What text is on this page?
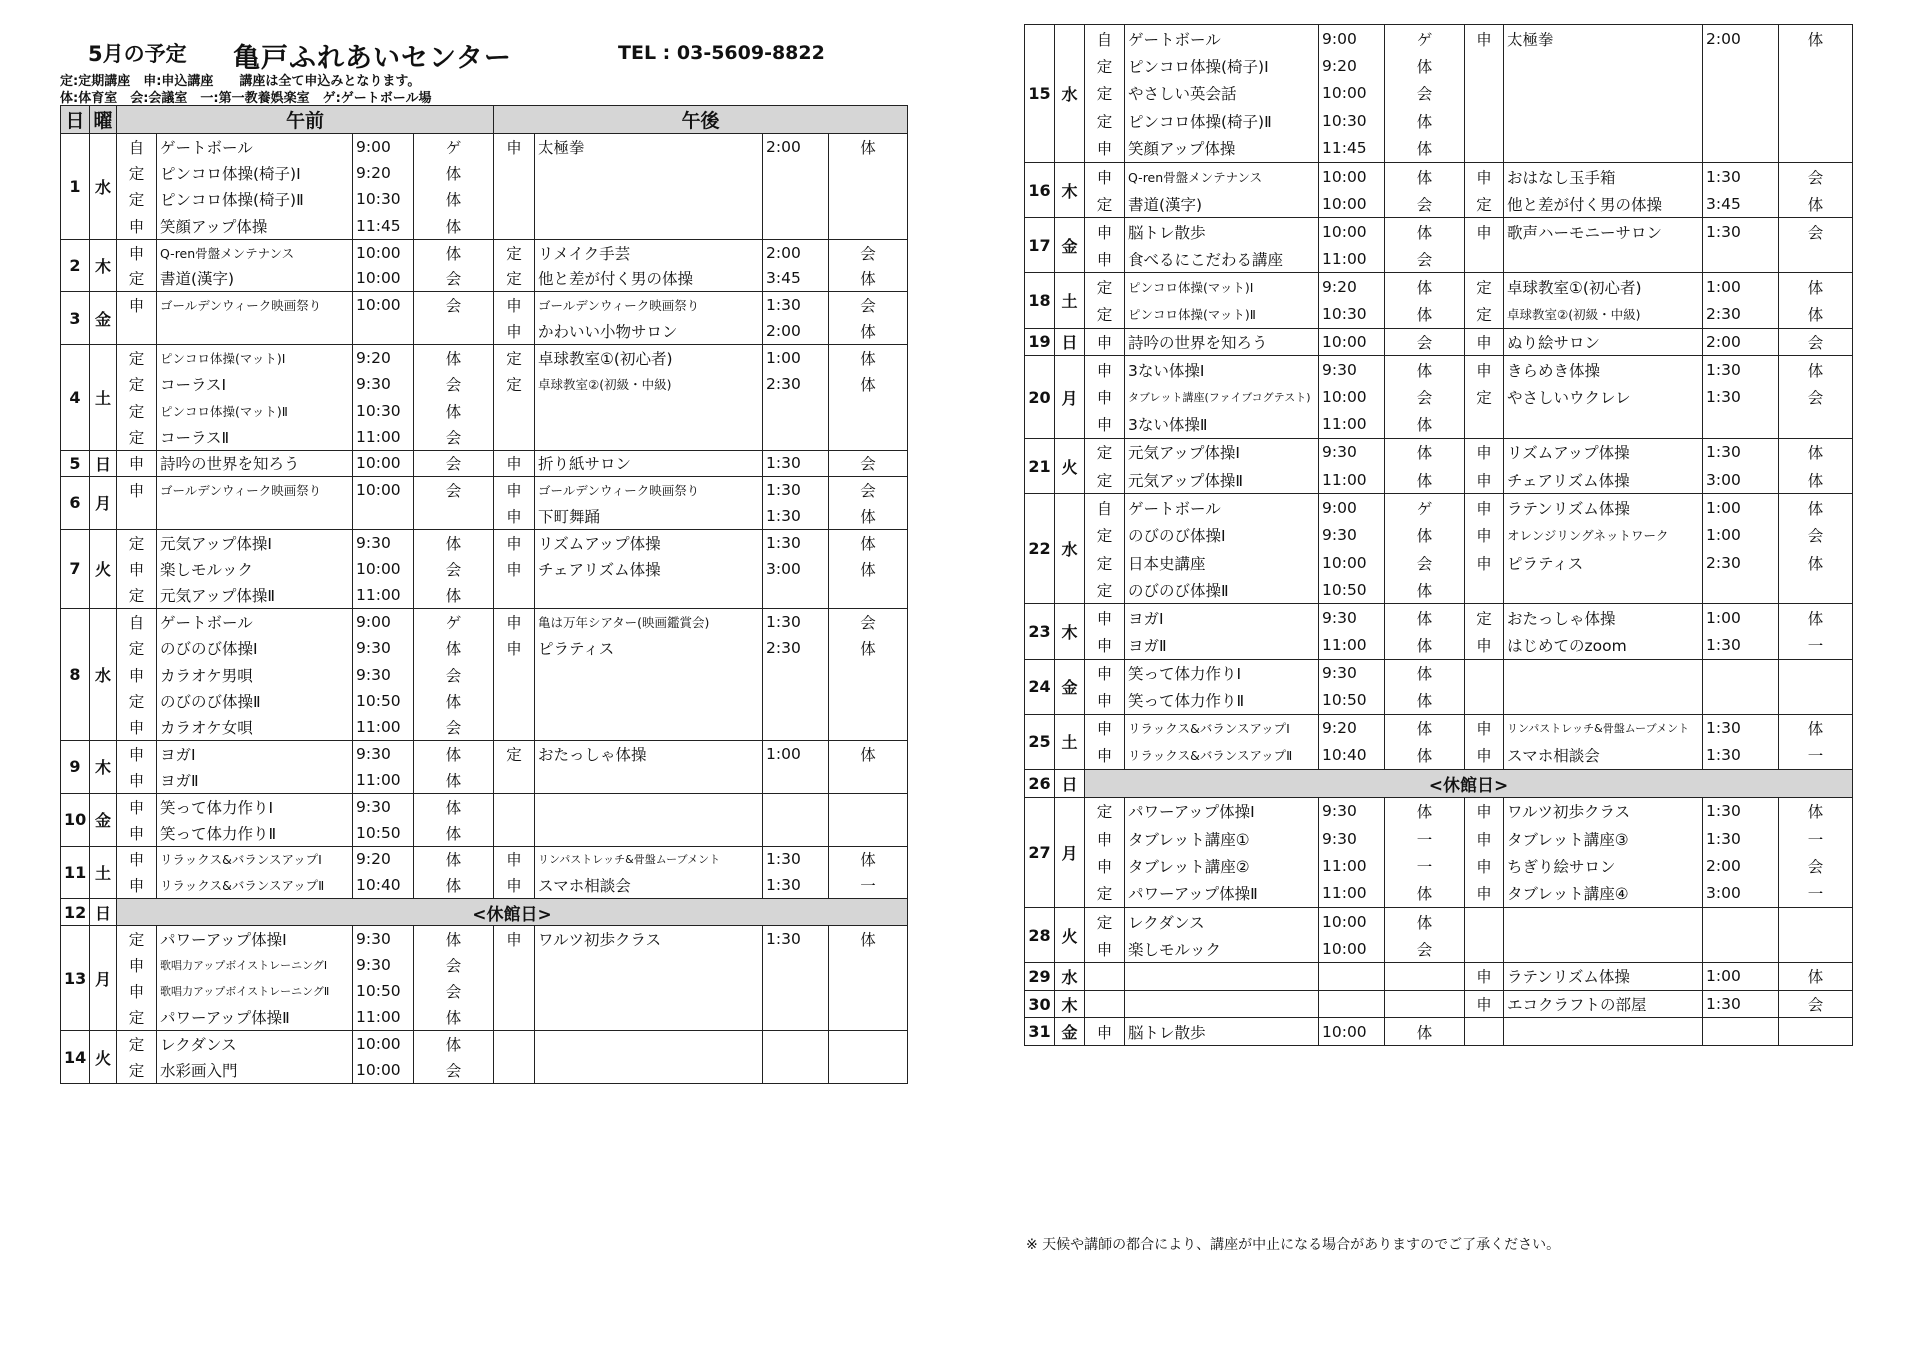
5月の予定 亀戸ふれあいセンター	TEL : 03-5609-8822
定:定期講座　申:申込講座　　講座は全て申込みとなります。
体:体育室　会:会議室　一:第一教養娯楽室　ゲ:ゲートボール場
日	曜	午前				午後			
1	水	自	ゲートボール	9:00	ゲ	申	太極拳	2:00	体
		定	ピンコロ体操(椅子)Ⅰ	9:20	体				
		定	ピンコロ体操(椅子)Ⅱ	10:30	体				
		申	笑顔アップ体操	11:45	体				
2	木	申	Q-ren骨盤メンテナンス	10:00	体	定	リメイク手芸	2:00	会
		定	書道(漢字)	10:00	会	定	他と差が付く男の体操	3:45	体
3	金	申	ゴールデンウィーク映画祭り	10:00	会	申	ゴールデンウィーク映画祭り	1:30	会
						申	かわいい小物サロン	2:00	体
4	土	定	ピンコロ体操(マット)Ⅰ	9:20	体	定	卓球教室①(初心者)	1:00	体
		定	コーラスⅠ	9:30	会	定	卓球教室②(初級・中級)	2:30	体
		定	ピンコロ体操(マット)Ⅱ	10:30	体				
		定	コーラスⅡ	11:00	会				
5	日	申	詩吟の世界を知ろう	10:00	会	申	折り紙サロン	1:30	会
6	月	申	ゴールデンウィーク映画祭り	10:00	会	申	ゴールデンウィーク映画祭り	1:30	会
						申	下町舞踊	1:30	体
7	火	定	元気アップ体操Ⅰ	9:30	体	申	リズムアップ体操	1:30	体
		申	楽しモルック	10:00	会	申	チェアリズム体操	3:00	体
		定	元気アップ体操Ⅱ	11:00	体				
8	水	自	ゲートボール	9:00	ゲ	申	亀は万年シアター(映画鑑賞会)	1:30	会
		定	のびのび体操Ⅰ	9:30	体	申	ピラティス	2:30	体
		申	カラオケ男唄	9:30	会				
		定	のびのび体操Ⅱ	10:50	体				
		申	カラオケ女唄	11:00	会				
9	木	申	ヨガⅠ	9:30	体	定	おたっしゃ体操	1:00	体
		申	ヨガⅡ	11:00	体				
10	金	申	笑って体力作りⅠ	9:30	体				
		申	笑って体力作りⅡ	10:50	体				
11	土	申	リラックス&バランスアップⅠ	9:20	体	申	リンパストレッチ&骨盤ムーブメント	1:30	体
		申	リラックス&バランスアップⅡ	10:40	体	申	スマホ相談会	1:30	一
12	日	<休館日>							
13	月	定	パワーアップ体操Ⅰ	9:30	体	申	ワルツ初歩クラス	1:30	体
		申	歌唱力アップボイストレーニングⅠ	9:30	会				
		申	歌唱力アップボイストレーニングⅡ	10:50	会				
		定	パワーアップ体操Ⅱ	11:00	体				
14	火	定	レクダンス	10:00	体				
		定	水彩画入門	10:00	会				
15	水	自	ゲートボール	9:00	ゲ	申	太極拳	2:00	体
		定	ピンコロ体操(椅子)Ⅰ	9:20	体				
		定	やさしい英会話	10:00	会				
		定	ピンコロ体操(椅子)Ⅱ	10:30	体				
		申	笑顔アップ体操	11:45	体				
16	木	申	Q-ren骨盤メンテナンス	10:00	体	申	おはなし玉手箱	1:30	会
		定	書道(漢字)	10:00	会	定	他と差が付く男の体操	3:45	体
17	金	申	脳トレ散歩	10:00	体	申	歌声ハーモニーサロン	1:30	会
		申	食べるにこだわる講座	11:00	会				
18	土	定	ピンコロ体操(マット)Ⅰ	9:20	体	定	卓球教室①(初心者)	1:00	体
		定	ピンコロ体操(マット)Ⅱ	10:30	体	定	卓球教室②(初級・中級)	2:30	体
19	日	申	詩吟の世界を知ろう	10:00	会	申	ぬり絵サロン	2:00	会
20	月	申	3ない体操Ⅰ	9:30	体	申	きらめき体操	1:30	体
		申	タブレット講座(ファイブコグテスト)	10:00	会	定	やさしいウクレレ	1:30	会
		申	3ない体操Ⅱ	11:00	体				
21	火	定	元気アップ体操Ⅰ	9:30	体	申	リズムアップ体操	1:30	体
		定	元気アップ体操Ⅱ	11:00	体	申	チェアリズム体操	3:00	体
22	水	自	ゲートボール	9:00	ゲ	申	ラテンリズム体操	1:00	体
		定	のびのび体操Ⅰ	9:30	体	申	オレンジリングネットワーク	1:00	会
		定	日本史講座	10:00	会	申	ピラティス	2:30	体
		定	のびのび体操Ⅱ	10:50	体				
23	木	申	ヨガⅠ	9:30	体	定	おたっしゃ体操	1:00	体
		申	ヨガⅡ	11:00	体	申	はじめてのzoom	1:30	一
24	金	申	笑って体力作りⅠ	9:30	体				
		申	笑って体力作りⅡ	10:50	体				
25	土	申	リラックス&バランスアップⅠ	9:20	体	申	リンパストレッチ&骨盤ムーブメント	1:30	体
		申	リラックス&バランスアップⅡ	10:40	体	申	スマホ相談会	1:30	一
26	日	<休館日>							
27	月	定	パワーアップ体操Ⅰ	9:30	体	申	ワルツ初歩クラス	1:30	体
		申	タブレット講座①	9:30	一	申	タブレット講座③	1:30	一
		申	タブレット講座②	11:00	一	申	ちぎり絵サロン	2:00	会
		定	パワーアップ体操Ⅱ	11:00	体	申	タブレット講座④	3:00	一
28	火	定	レクダンス	10:00	体				
		申	楽しモルック	10:00	会				
29	水					申	ラテンリズム体操	1:00	体
30	木					申	エコクラフトの部屋	1:30	会
31	金	申	脳トレ散歩	10:00	体				
※ 天候や講師の都合により、講座が中止になる場合がありますのでご了承ください。
